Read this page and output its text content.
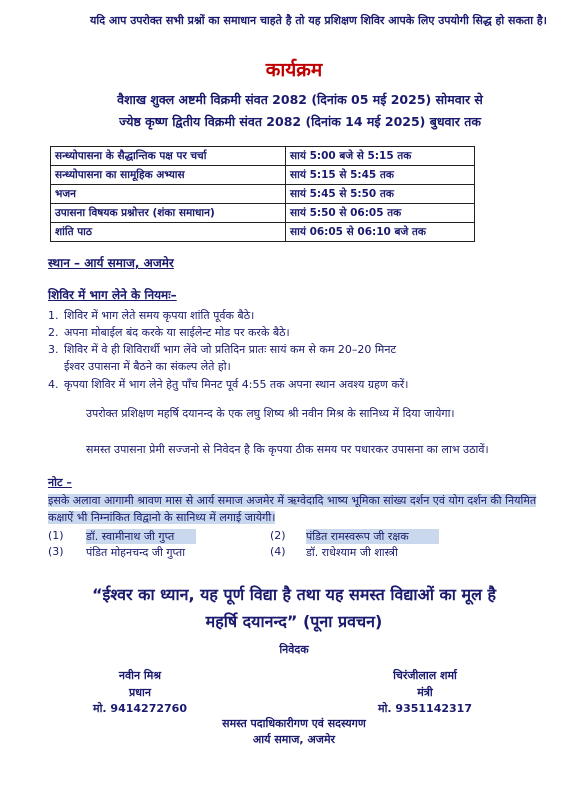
यदि आप उपरोक्त सभी प्रश्नों का समाधान चाहते है तो यह प्रशिक्षण शिविर आपके लिए उपयोगी सिद्ध हो सकता है।
कार्यक्रम
वैशाख शुक्ल अष्टमी विक्रमी संवत 2082 (दिनांक 05 मई 2025) सोमवार से
ज्येष्ठ कृष्ण द्वितीय विक्रमी संवत 2082 (दिनांक 14 मई 2025) बुधवार तक
सन्ध्योपासना के सैद्धान्तिक पक्ष पर चर्चा	सायं 5:00 बजे से 5:15 तक
सन्ध्योपासना का सामूहिक अभ्यास	सायं 5:15 से 5:45 तक
भजन	सायं 5:45 से 5:50 तक
उपासना विषयक प्रश्नोत्तर (शंका समाधान)	सायं 5:50 से 06:05 तक
शांति पाठ	सायं 06:05 से 06:10 बजे तक
स्थान – आर्य समाज, अजमेर
शिविर में भाग लेने के नियमः–
1. शिविर में भाग लेते समय कृपया शांति पूर्वक बैठे।
2. अपना मोबाईल बंद करके या साईलेन्ट मोड पर करके बैठे।
3. शिविर में वे ही शिविरार्थी भाग लेंवे जो प्रतिदिन प्रातः सायं कम से कम 20–20 मिनट
ईश्वर उपासना में बैठने का संकल्प लेते हो।
4. कृपया शिविर में भाग लेने हेतु पाँच मिनट पूर्व 4:55 तक अपना स्थान अवश्य ग्रहण करें।
उपरोक्त प्रशिक्षण महर्षि दयानन्द के एक लघु शिष्य श्री नवीन मिश्र के सानिध्य में दिया जायेगा।
समस्त उपासना प्रेमी सज्जनो से निवेदन है कि कृपया ठीक समय पर पधारकर उपासना का लाभ उठावें।
नोट –
इसके अलावा आगामी श्रावण मास से आर्य समाज अजमेर में ऋग्वेदादि भाष्य भूमिका सांख्य दर्शन एवं योग दर्शन की नियमित कक्षाऐं भी निम्नांकित विद्वानो के सानिध्य में लगाई जायेगी।
(1) डॉ. स्वामीनाथ जी गुप्त	(2) पंडित रामस्वरूप जी रक्षक
(3) पंडित मोहनचन्द जी गुप्ता	(4) डॉ. राधेश्याम जी शास्त्री
“ईश्वर का ध्यान, यह पूर्ण विद्या है तथा यह समस्त विद्याओं का मूल है
महर्षि दयानन्द” (पूना प्रवचन)
निवेदक
नवीन मिश्र
प्रधान
मो. 9414272760
चिरंजीलाल शर्मा
मंत्री
मो. 9351142317
समस्त पदाधिकारीगण एवं सदस्यगण
आर्य समाज, अजमेर
